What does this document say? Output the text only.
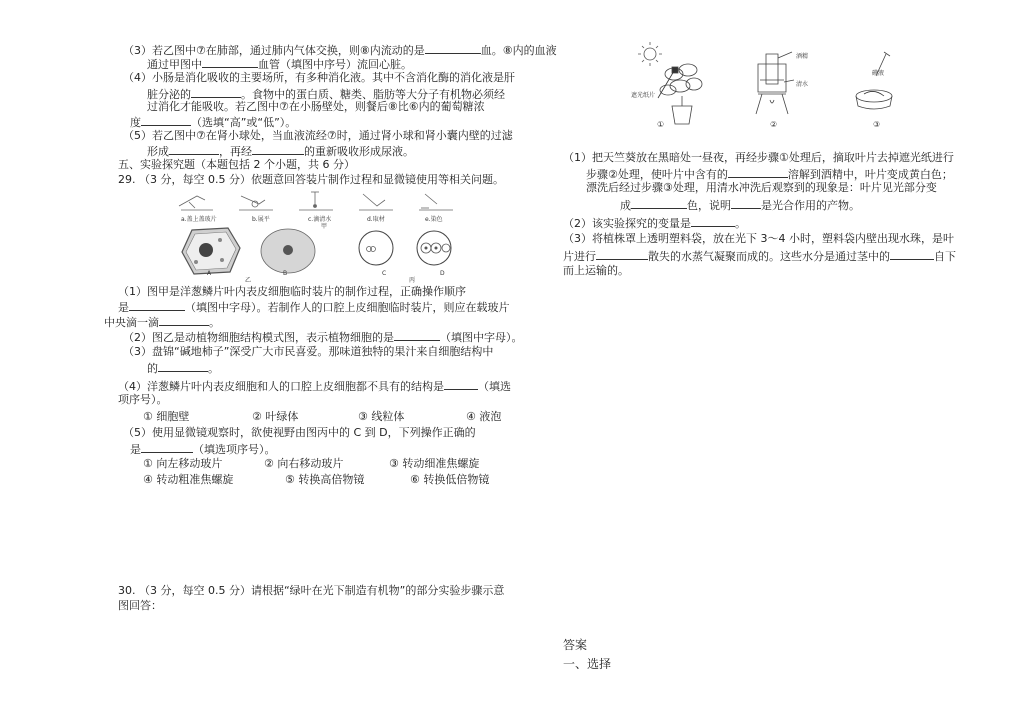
（3）若乙图中⑦在肺部，通过肺内气体交换，则⑧内流动的是	血。⑧内的血液
通过甲图中	血管（填图中序号）流回心脏。
（4）小肠是消化吸收的主要场所，有多种消化液。其中不含消化酶的消化液是肝
脏分泌的	。食物中的蛋白质、糖类、脂肪等大分子有机物必须经
过消化才能吸收。若乙图中⑦在小肠壁处，则餐后⑧比⑥内的葡萄糖浓
度	（选填“高”或“低”）。
（5）若乙图中⑦在肾小球处，当血液流经⑦时，通过肾小球和肾小囊内壁的过滤
形成	，再经	的重新吸收形成尿液。
五、实验探究题（本题包括 2 个小题，共 6 分）
29. （3 分，每空 0.5 分）依题意回答装片制作过程和显微镜使用等相关问题。
a.盖上盖玻片	b.展平	c.滴清水	d.取材	e.染色
甲
A	B	C	D
乙	丙
（1）图甲是洋葱鳞片叶内表皮细胞临时装片的制作过程，正确操作顺序
是	（填图中字母）。若制作人的口腔上皮细胞临时装片，则应在载玻片
中央滴一滴	。
（2）图乙是动植物细胞结构模式图，表示植物细胞的是	（填图中字母）。
（3）盘锦“碱地柿子”深受广大市民喜爱。那味道独特的果汁来自细胞结构中
的	。
（4）洋葱鳞片叶内表皮细胞和人的口腔上皮细胞都不具有的结构是	（填选
项序号）。
① 细胞壁	② 叶绿体	③ 线粒体	④ 液泡
（5）使用显微镜观察时，欲使视野由图丙中的 C 到 D，下列操作正确的
是	（填选项序号）。
① 向左移动玻片	② 向右移动玻片	③ 转动细准焦螺旋
④ 转动粗准焦螺旋	⑤ 转换高倍物镜	⑥ 转换低倍物镜
30. （3 分，每空 0.5 分）请根据“绿叶在光下制造有机物”的部分实验步骤示意
图回答：
遮光纸片
酒精
清水
碘液
①	②	③
（1）把天竺葵放在黑暗处一昼夜，再经步骤①处理后，摘取叶片去掉遮光纸进行
步骤②处理，使叶片中含有的	溶解到酒精中，叶片变成黄白色；
漂洗后经过步骤③处理，用清水冲洗后观察到的现象是：叶片见光部分变
成	色，说明	是光合作用的产物。
（2）该实验探究的变量是	。
（3）将植株罩上透明塑料袋，放在光下 3～4 小时，塑料袋内壁出现水珠，是叶
片进行	散失的水蒸气凝聚而成的。这些水分是通过茎中的	自下
而上运输的。
答案
一、选择
